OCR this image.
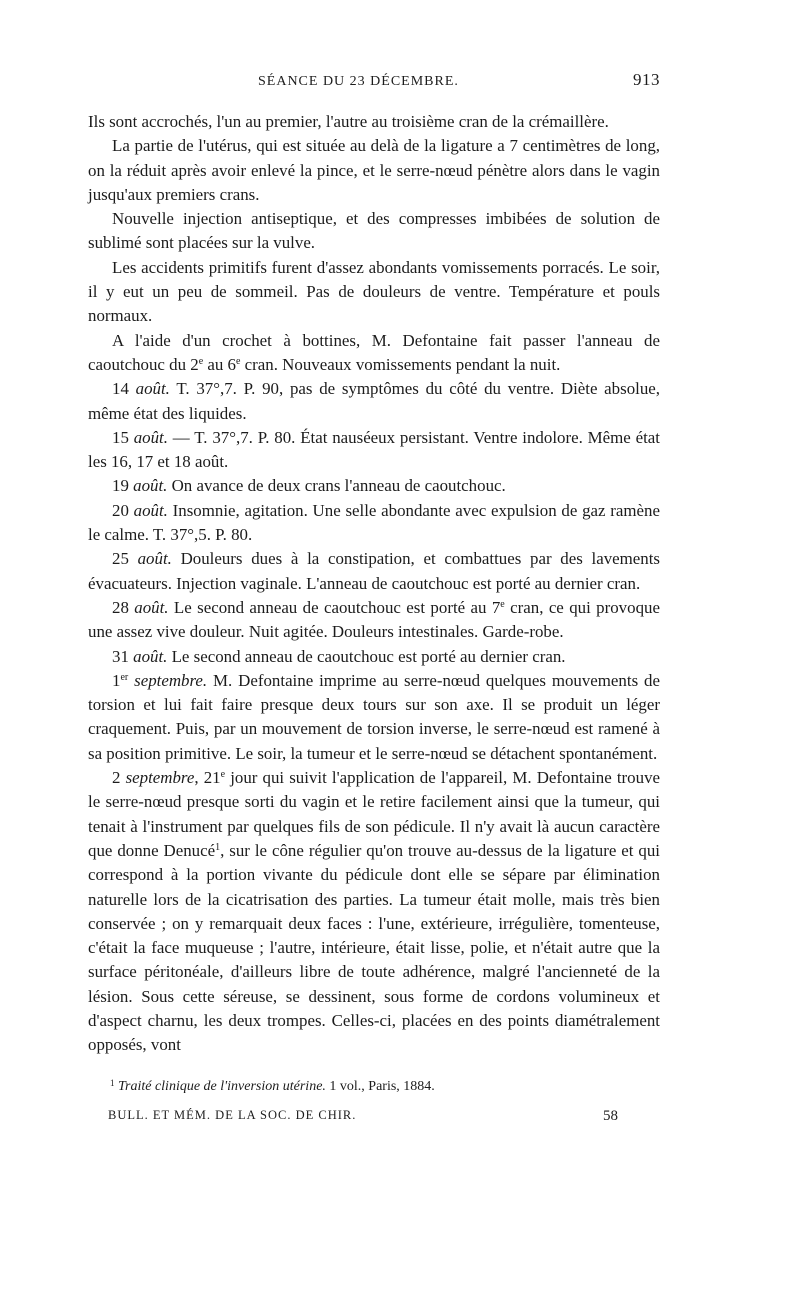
SÉANCE DU 23 DÉCEMBRE.	913

Ils sont accrochés, l'un au premier, l'autre au troisième cran de la crémaillère.

La partie de l'utérus, qui est située au delà de la ligature a 7 centimètres de long, on la réduit après avoir enlevé la pince, et le serre-nœud pénètre alors dans le vagin jusqu'aux premiers crans.

Nouvelle injection antiseptique, et des compresses imbibées de solution de sublimé sont placées sur la vulve.

Les accidents primitifs furent d'assez abondants vomissements porracés. Le soir, il y eut un peu de sommeil. Pas de douleurs de ventre. Température et pouls normaux.

A l'aide d'un crochet à bottines, M. Defontaine fait passer l'anneau de caoutchouc du 2e au 6e cran. Nouveaux vomissements pendant la nuit.

14 août. T. 37°,7. P. 90, pas de symptômes du côté du ventre. Diète absolue, même état des liquides.

15 août. — T. 37°,7. P. 80. État nauséeux persistant. Ventre indolore. Même état les 16, 17 et 18 août.

19 août. On avance de deux crans l'anneau de caoutchouc.

20 août. Insomnie, agitation. Une selle abondante avec expulsion de gaz ramène le calme. T. 37°,5. P. 80.

25 août. Douleurs dues à la constipation, et combattues par des lavements évacuateurs. Injection vaginale. L'anneau de caoutchouc est porté au dernier cran.

28 août. Le second anneau de caoutchouc est porté au 7e cran, ce qui provoque une assez vive douleur. Nuit agitée. Douleurs intestinales. Garde-robe.

31 août. Le second anneau de caoutchouc est porté au dernier cran.

1er septembre. M. Defontaine imprime au serre-nœud quelques mouvements de torsion et lui fait faire presque deux tours sur son axe. Il se produit un léger craquement. Puis, par un mouvement de torsion inverse, le serre-nœud est ramené à sa position primitive. Le soir, la tumeur et le serre-nœud se détachent spontanément.

2 septembre, 21e jour qui suivit l'application de l'appareil, M. Defontaine trouve le serre-nœud presque sorti du vagin et le retire facilement ainsi que la tumeur, qui tenait à l'instrument par quelques fils de son pédicule. Il n'y avait là aucun caractère que donne Denucé$^1$, sur le cône régulier qu'on trouve au-dessus de la ligature et qui correspond à la portion vivante du pédicule dont elle se sépare par élimination naturelle lors de la cicatrisation des parties. La tumeur était molle, mais très bien conservée ; on y remarquait deux faces : l'une, extérieure, irrégulière, tomenteuse, c'était la face muqueuse ; l'autre, intérieure, était lisse, polie, et n'était autre que la surface péritonéale, d'ailleurs libre de toute adhérence, malgré l'ancienneté de la lésion. Sous cette séreuse, se dessinent, sous forme de cordons volumineux et d'aspect charnu, les deux trompes. Celles-ci, placées en des points diamétralement opposés, vont

$^1$ Traité clinique de l'inversion utérine. 1 vol., Paris, 1884.
BULL. ET MÉM. DE LA SOC. DE CHIR.	58
